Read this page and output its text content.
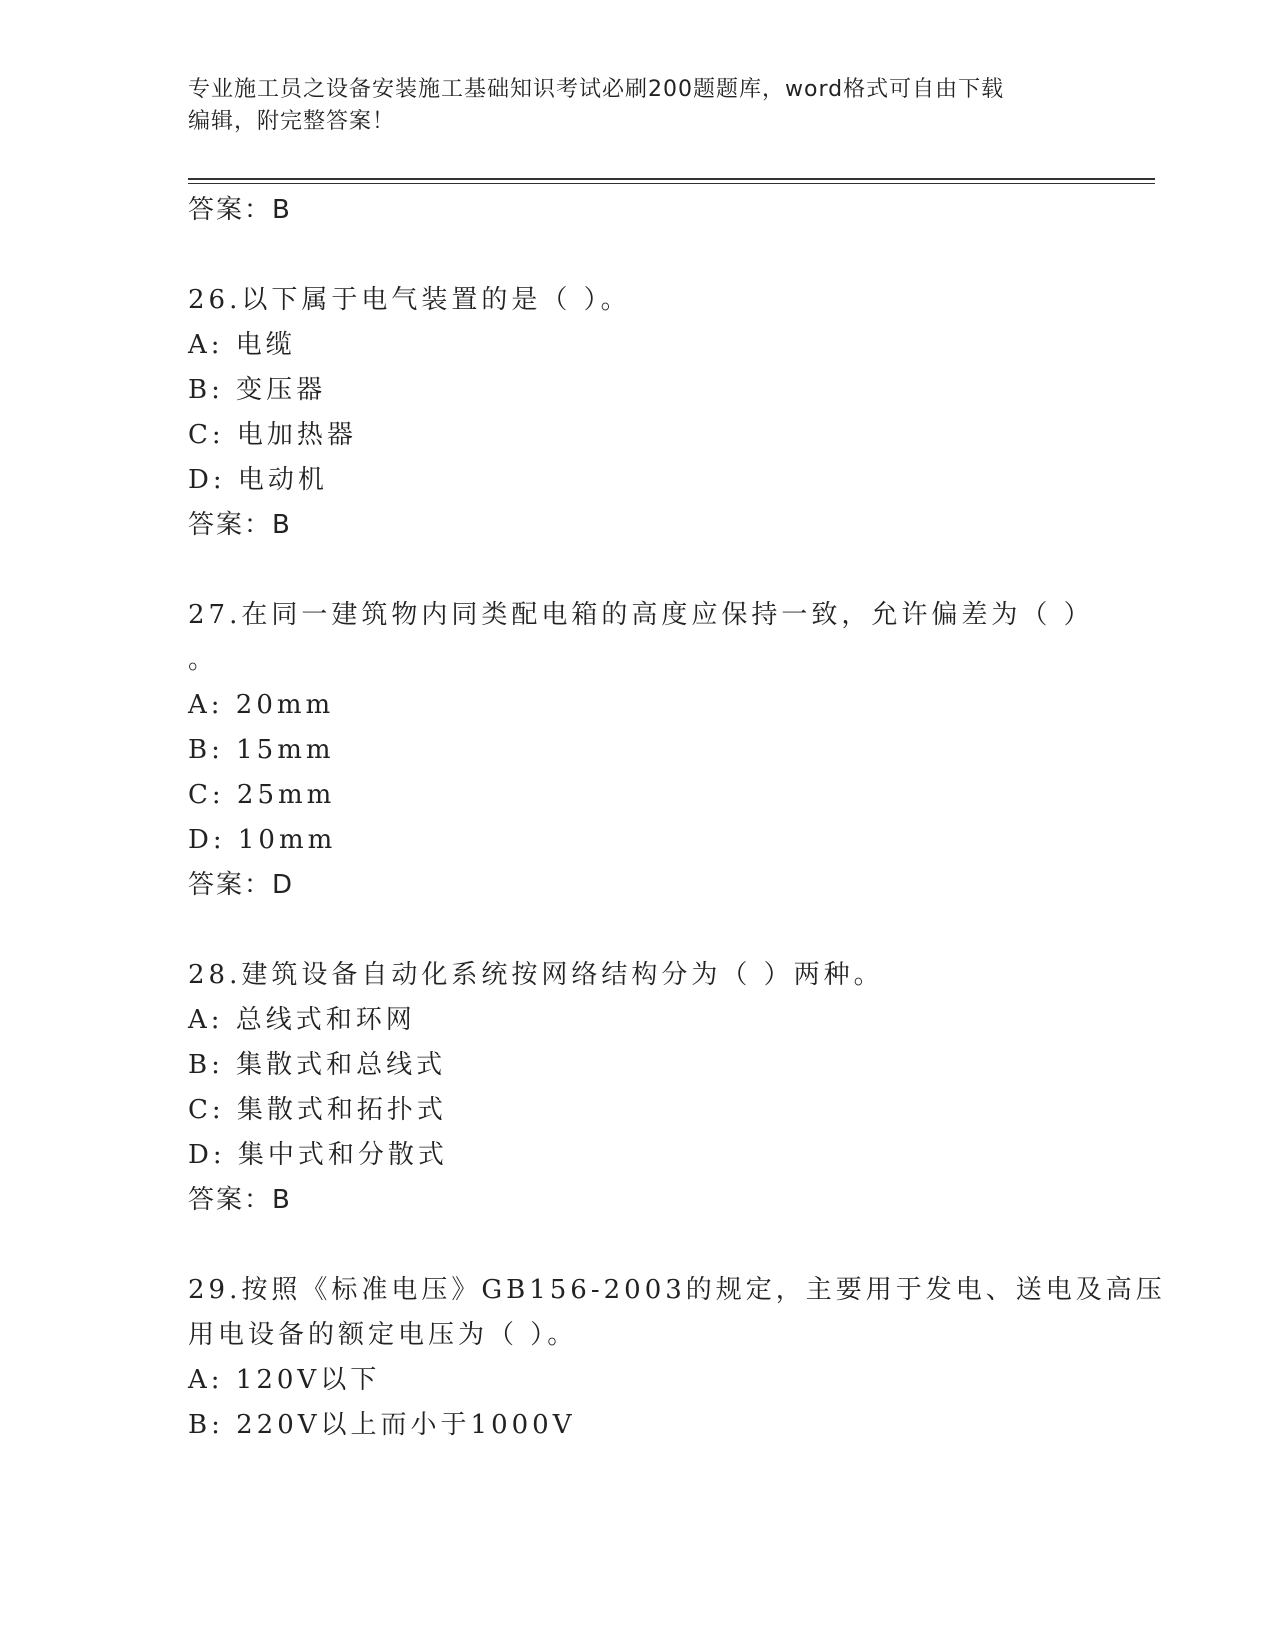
专业施工员之设备安装施工基础知识考试必刷200题题库，word格式可自由下载
编辑，附完整答案！
答案：B
26.以下属于电气装置的是（ ）。
A: 电缆
B: 变压器
C: 电加热器
D: 电动机
答案：B
27.在同一建筑物内同类配电箱的高度应保持一致，允许偏差为（ ）
。
A: 20mm
B: 15mm
C: 25mm
D: 10mm
答案：D
28.建筑设备自动化系统按网络结构分为（ ）两种。
A: 总线式和环网
B: 集散式和总线式
C: 集散式和拓扑式
D: 集中式和分散式
答案：B
29.按照《标准电压》GB156-2003的规定，主要用于发电、送电及高压
用电设备的额定电压为（ ）。
A: 120V以下
B: 220V以上而小于1000V
